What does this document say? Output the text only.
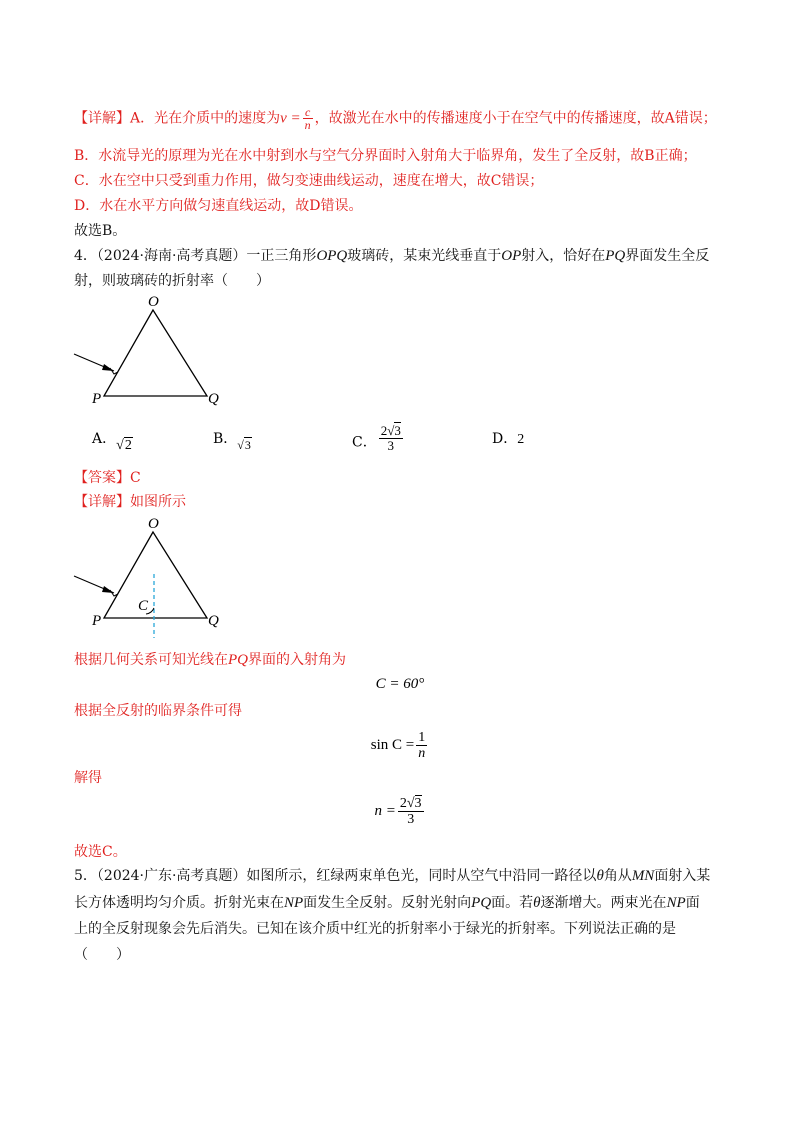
【详解】A．光在介质中的速度为$v = \frac{c}{n}$ ，故激光在水中的传播速度小于在空气中的传播速度，故A错误；
B．水流导光的原理为光在水中射到水与空气分界面时入射角大于临界角，发生了全反射，故B正确；
C．水在空中只受到重力作用，做匀变速曲线运动，速度在增大，故C错误；
D．水在水平方向做匀速直线运动，故D错误。
故选B。
4．（2024·海南·高考真题）一正三角形OPQ玻璃砖，某束光线垂直于OP射入，恰好在PQ界面发生全反
射，则玻璃砖的折射率（　　）
O
P	Q
A．√2	B．√3	C． $\frac{2√3}{3}$	D．2
【答案】C
【详解】如图所示
C
O
P	Q
根据几何关系可知光线在PQ界面的入射角为
C = 60°
根据全反射的临界条件可得
$\sin C = \frac{1}{n}$
解得
$n = \frac{2√3}{3}$
故选C。
5．（2024·广东·高考真题）如图所示，红绿两束单色光，同时从空气中沿同一路径以θ角从MN面射入某
长方体透明均匀介质。折射光束在NP面发生全反射。反射光射向PQ面。若θ逐渐增大。两束光在NP面
上的全反射现象会先后消失。已知在该介质中红光的折射率小于绿光的折射率。下列说法正确的是
（　　）
